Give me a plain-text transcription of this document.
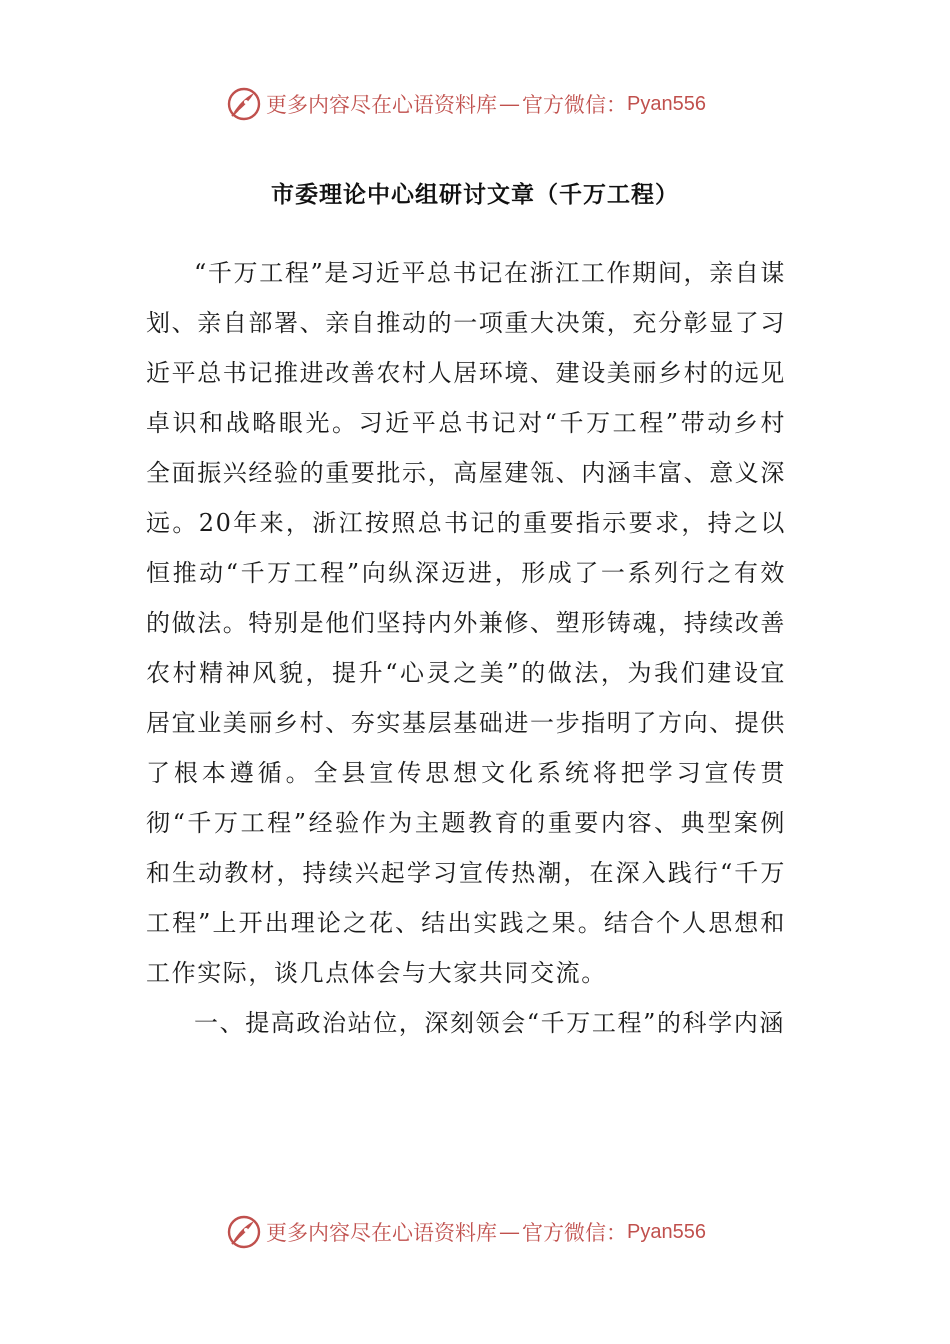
更多内容尽在心语资料库 — 官方微信： Pyan556
市委理论中心组研讨文章（千万工程）

“千万工程”是习近平总书记在浙江工作期间，亲自谋划、亲自部署、亲自推动的一项重大决策，充分彰显了习近平总书记推进改善农村人居环境、建设美丽乡村的远见卓识和战略眼光。习近平总书记对“千万工程”带动乡村全面振兴经验的重要批示，高屋建瓴、内涵丰富、意义深远。20年来，浙江按照总书记的重要指示要求，持之以恒推动“千万工程”向纵深迈进，形成了一系列行之有效的做法。特别是他们坚持内外兼修、塑形铸魂，持续改善农村精神风貌，提升“心灵之美”的做法，为我们建设宜居宜业美丽乡村、夯实基层基础进一步指明了方向、提供了根本遵循。全县宣传思想文化系统将把学习宣传贯彻“千万工程”经验作为主题教育的重要内容、典型案例和生动教材，持续兴起学习宣传热潮，在深入践行“千万工程”上开出理论之花、结出实践之果。结合个人思想和工作实际，谈几点体会与大家共同交流。

一、提高政治站位，深刻领会“千万工程”的科学内涵

更多内容尽在心语资料库 — 官方微信： Pyan556
